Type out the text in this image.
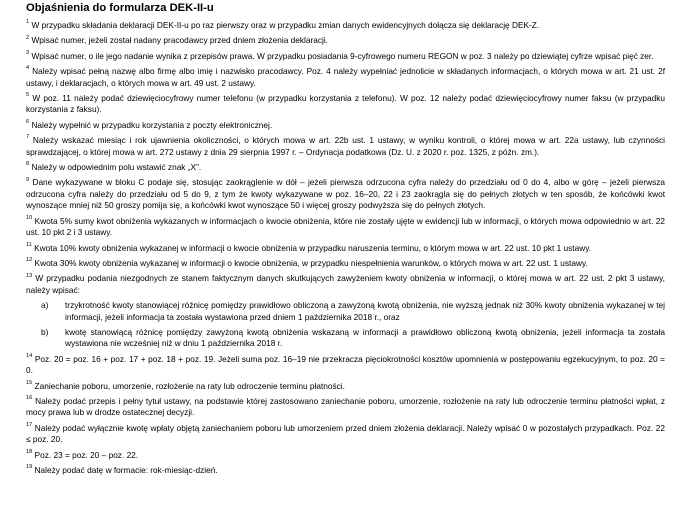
Objaśnienia do formularza DEK-II-u

$^1$ W przypadku składania deklaracji DEK-II-u po raz pierwszy oraz w przypadku zmian danych ewidencyjnych dołącza się deklarację DEK-Z.

$^2$ Wpisać numer, jeżeli został nadany pracodawcy przed dniem złożenia deklaracji.

$^3$ Wpisać numer, o ile jego nadanie wynika z przepisów prawa. W przypadku posiadania 9-cyfrowego numeru REGON w poz. 3 należy po dziewiątej cyfrze wpisać pięć zer.

$^4$ Należy wpisać pełną nazwę albo firmę albo imię i nazwisko pracodawcy. Poz. 4 należy wypełniać jednolicie w składanych informacjach, o których mowa w art. 21 ust. 2f ustawy, i deklaracjach, o których mowa w art. 49 ust. 2 ustawy.

$^5$ W poz. 11 należy podać dziewięciocyfrowy numer telefonu (w przypadku korzystania z telefonu). W poz. 12 należy podać dziewięciocyfrowy numer faksu (w przypadku korzystania z faksu).

$^6$ Należy wypełnić w przypadku korzystania z poczty elektronicznej.

$^7$ Należy wskazać miesiąc i rok ujawnienia okoliczności, o których mowa w art. 22b ust. 1 ustawy, w wyniku kontroli, o której mowa w art. 22a ustawy, lub czynności sprawdzającej, o której mowa w art. 272 ustawy z dnia 29 sierpnia 1997 r. – Ordynacja podatkowa (Dz. U. z 2020 r. poz. 1325, z późn. zm.).

$^8$ Należy w odpowiednim polu wstawić znak „X”.

$^9$ Dane wykazywane w bloku C podaje się, stosując zaokrąglenie w dół – jeżeli pierwsza odrzucona cyfra należy do przedziału od 0 do 4, albo w górę – jeżeli pierwsza odrzucona cyfra należy do przedziału od 5 do 9, z tym że kwoty wykazywane w poz. 16–20, 22 i 23 zaokrągla się do pełnych złotych w ten sposób, że końcówki kwot wynoszące mniej niż 50 groszy pomija się, a końcówki kwot wynoszące 50 i więcej groszy podwyższa się do pełnych złotych.

$^{10}$ Kwota 5% sumy kwot obniżenia wykazanych w informacjach o kwocie obniżenia, które nie zostały ujęte w ewidencji lub w informacji, o których mowa odpowiednio w art. 22 ust. 10 pkt 2 i 3 ustawy.

$^{11}$ Kwota 10% kwoty obniżenia wykazanej w informacji o kwocie obniżenia w przypadku naruszenia terminu, o którym mowa w art. 22 ust. 10 pkt 1 ustawy.

$^{12}$ Kwota 30% kwoty obniżenia wykazanej w informacji o kwocie obniżenia, w przypadku niespełnienia warunków, o których mowa w art. 22 ust. 1 ustawy.

$^{13}$ W przypadku podania niezgodnych ze stanem faktycznym danych skutkujących zawyżeniem kwoty obniżenia w informacji, o której mowa w art. 22 ust. 2 pkt 3 ustawy, należy wpisać:

a)	trzykrotność kwoty stanowiącej różnicę pomiędzy prawidłowo obliczoną a zawyżoną kwotą obniżenia, nie wyższą jednak niż 30% kwoty obniżenia wykazanej w tej informacji, jeżeli informacja ta została wystawiona przed dniem 1 października 2018 r., oraz
b)	kwotę stanowiącą różnicę pomiędzy zawyżoną kwotą obniżenia wskazaną w informacji a prawidłowo obliczoną kwotą obniżenia, jeżeli informacja ta została wystawiona nie wcześniej niż w dniu 1 października 2018 r.

$^{14}$ Poz. 20 = poz. 16 + poz. 17 + poz. 18 + poz. 19. Jeżeli suma poz. 16–19 nie przekracza pięciokrotności kosztów upomnienia w postępowaniu egzekucyjnym, to poz. 20 = 0.

$^{15}$ Zaniechanie poboru, umorzenie, rozłożenie na raty lub odroczenie terminu płatności.

$^{16}$ Należy podać przepis i pełny tytuł ustawy, na podstawie której zastosowano zaniechanie poboru, umorzenie, rozłożenie na raty lub odroczenie terminu płatności wpłat, z mocy prawa lub w drodze ostatecznej decyzji.

$^{17}$ Należy podać wyłącznie kwotę wpłaty objętą zaniechaniem poboru lub umorzeniem przed dniem złożenia deklaracji. Należy wpisać 0 w pozostałych przypadkach. Poz. 22 ≤ poz. 20.

$^{18}$ Poz. 23 = poz. 20 – poz. 22.

$^{19}$ Należy podać datę w formacie: rok-miesiąc-dzień.
